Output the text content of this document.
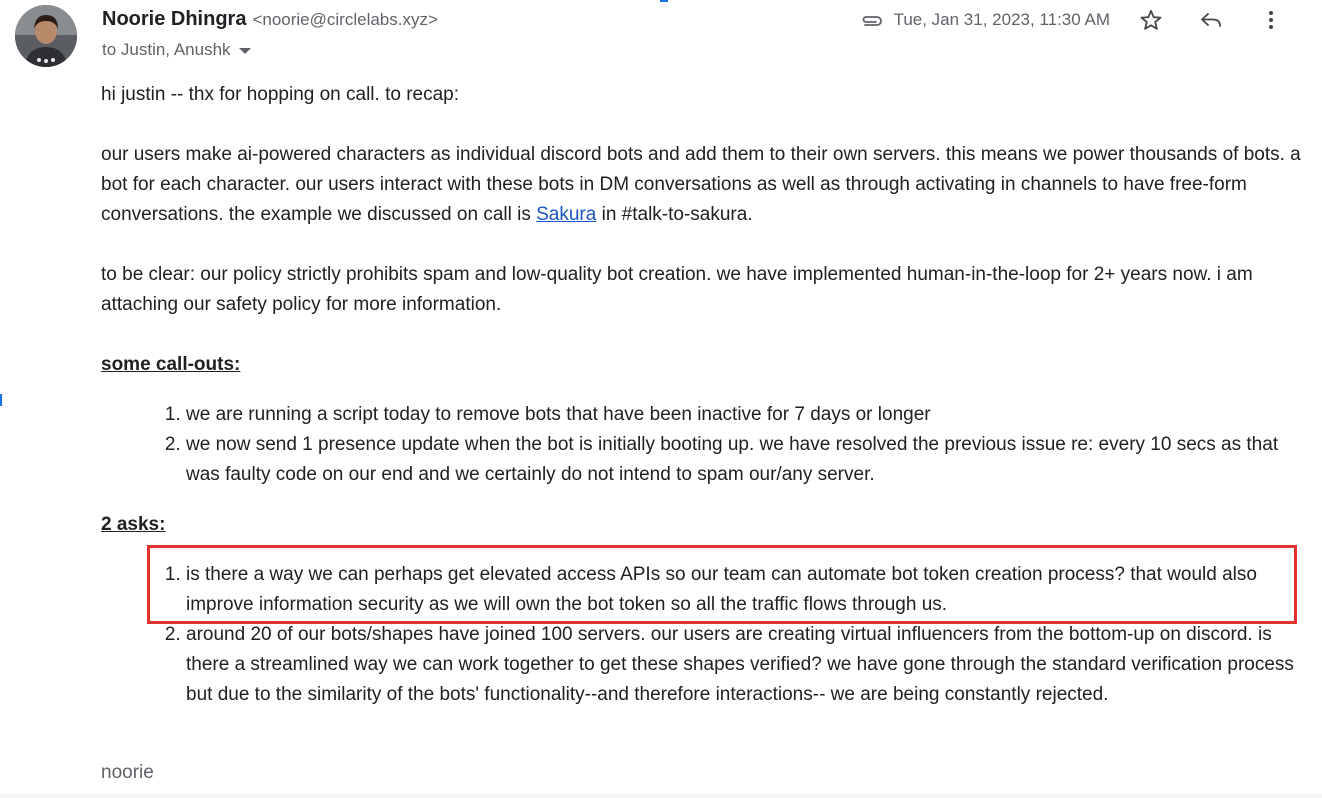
Noorie Dhingra <noorie@circlelabs.xyz>
to Justin, Anushk
Tue, Jan 31, 2023, 11:30 AM

hi justin -- thx for hopping on call. to recap:

our users make ai-powered characters as individual discord bots and add them to their own servers. this means we power thousands of bots. a bot for each character. our users interact with these bots in DM conversations as well as through activating in channels to have free-form conversations. the example we discussed on call is Sakura in #talk-to-sakura.

to be clear: our policy strictly prohibits spam and low-quality bot creation. we have implemented human-in-the-loop for 2+ years now. i am attaching our safety policy for more information.

some call-outs:
1. we are running a script today to remove bots that have been inactive for 7 days or longer
2. we now send 1 presence update when the bot is initially booting up. we have resolved the previous issue re: every 10 secs as that was faulty code on our end and we certainly do not intend to spam our/any server.
2 asks:
1. is there a way we can perhaps get elevated access APIs so our team can automate bot token creation process? that would also improve information security as we will own the bot token so all the traffic flows through us.
2. around 20 of our bots/shapes have joined 100 servers. our users are creating virtual influencers from the bottom-up on discord. is there a streamlined way we can work together to get these shapes verified? we have gone through the standard verification process but due to the similarity of the bots' functionality--and therefore interactions-- we are being constantly rejected.
noorie
